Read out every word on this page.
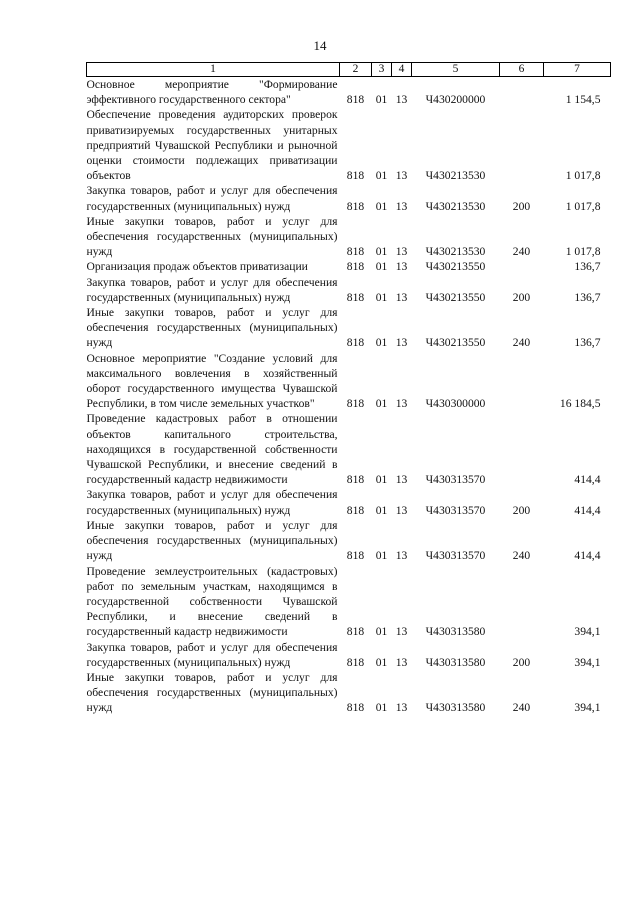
14
1	2	3	4	5	6	7
Основное мероприятие "Формирование эффективного государственного сектора"	818	01	13	Ч430200000		1 154,5
Обеспечение проведения аудиторских проверок приватизируемых государственных унитарных предприятий Чувашской Республики и рыночной оценки стоимости подлежащих приватизации объектов	818	01	13	Ч430213530		1 017,8
Закупка товаров, работ и услуг для обеспечения государственных (муниципальных) нужд	818	01	13	Ч430213530	200	1 017,8
Иные закупки товаров, работ и услуг для обеспечения государственных (муниципальных) нужд	818	01	13	Ч430213530	240	1 017,8
Организация продаж объектов приватизации	818	01	13	Ч430213550		136,7
Закупка товаров, работ и услуг для обеспечения государственных (муниципальных) нужд	818	01	13	Ч430213550	200	136,7
Иные закупки товаров, работ и услуг для обеспечения государственных (муниципальных) нужд	818	01	13	Ч430213550	240	136,7
Основное мероприятие "Создание условий для максимального вовлечения в хозяйственный оборот государственного имущества Чувашской Республики, в том числе земельных участков"	818	01	13	Ч430300000		16 184,5
Проведение кадастровых работ в отношении объектов капитального строительства, находящихся в государственной собственности Чувашской Республики, и внесение сведений в государственный кадастр недвижимости	818	01	13	Ч430313570		414,4
Закупка товаров, работ и услуг для обеспечения государственных (муниципальных) нужд	818	01	13	Ч430313570	200	414,4
Иные закупки товаров, работ и услуг для обеспечения государственных (муниципальных) нужд	818	01	13	Ч430313570	240	414,4
Проведение землеустроительных (кадастровых) работ по земельным участкам, находящимся в государственной собственности Чувашской Республики, и внесение сведений в государственный кадастр недвижимости	818	01	13	Ч430313580		394,1
Закупка товаров, работ и услуг для обеспечения государственных (муниципальных) нужд	818	01	13	Ч430313580	200	394,1
Иные закупки товаров, работ и услуг для обеспечения государственных (муниципальных) нужд	818	01	13	Ч430313580	240	394,1
